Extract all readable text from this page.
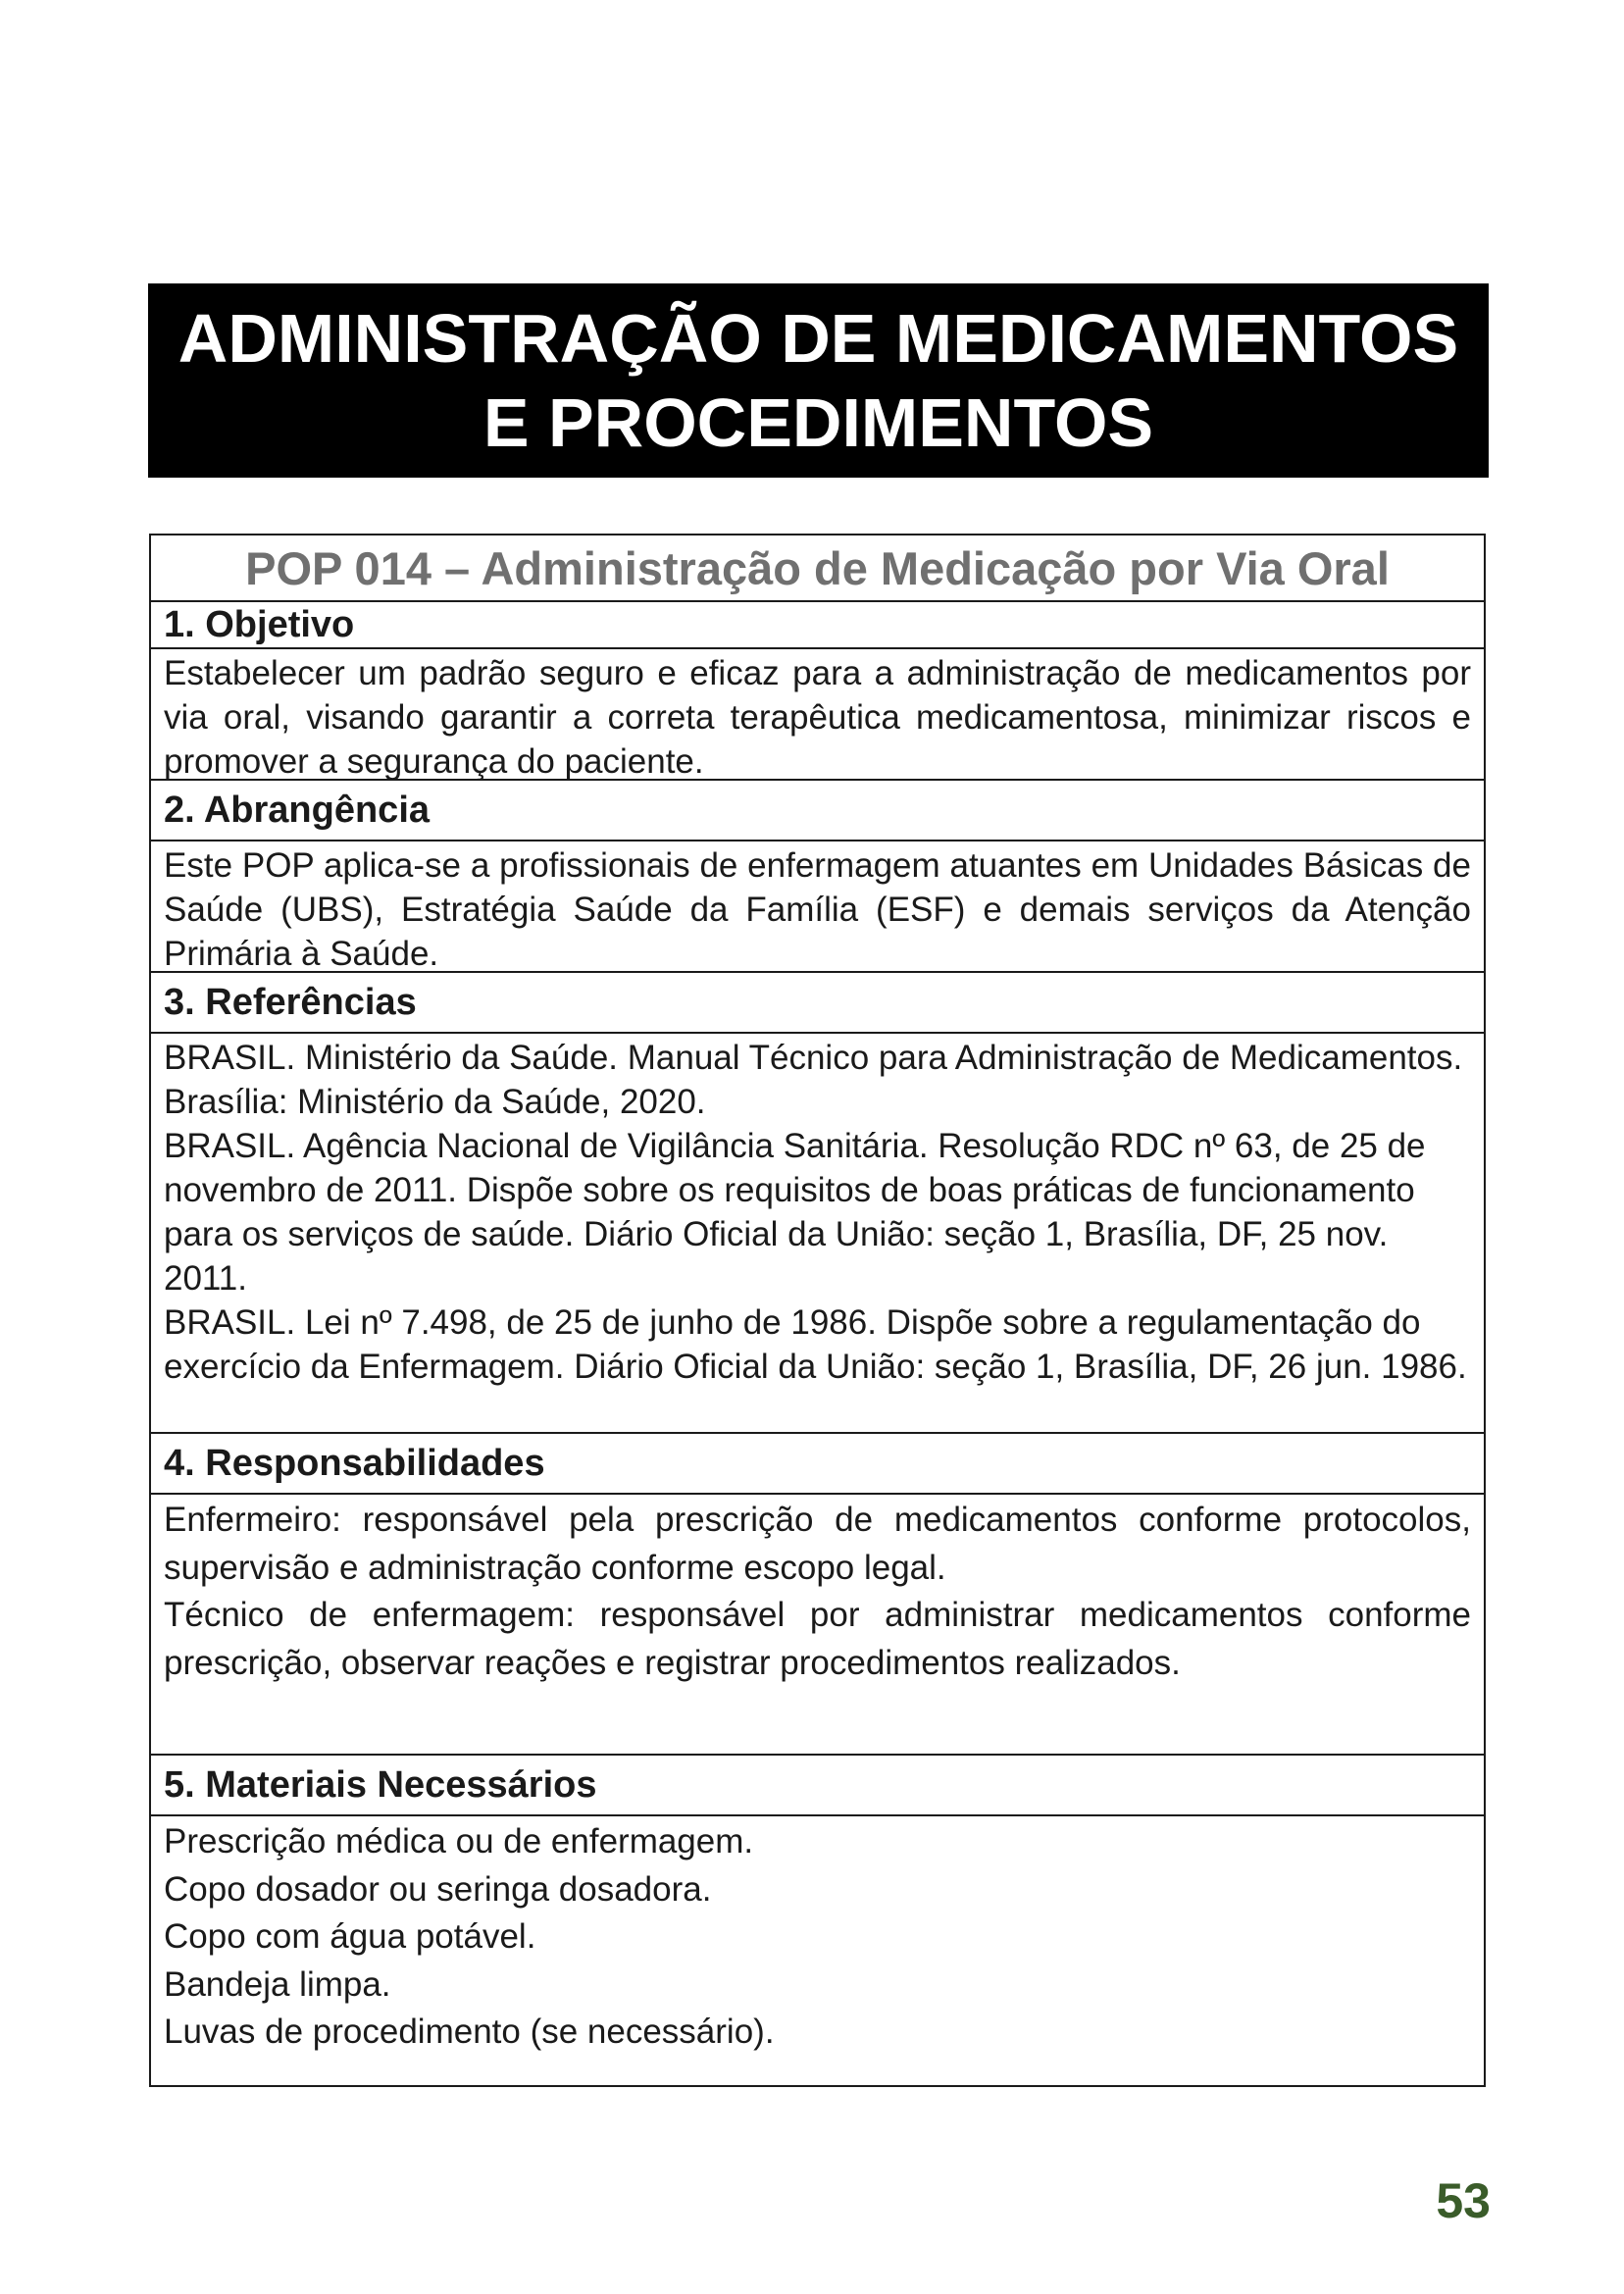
ADMINISTRAÇÃO DE MEDICAMENTOS
E PROCEDIMENTOS
POP 014 – Administração de Medicação por Via Oral
1. Objetivo

Estabelecer um padrão seguro e eficaz para a administração de medicamentos por via oral, visando garantir a correta terapêutica medicamentosa, minimizar riscos e promover a segurança do paciente.

2. Abrangência

Este POP aplica-se a profissionais de enfermagem atuantes em Unidades Básicas de Saúde (UBS), Estratégia Saúde da Família (ESF) e demais serviços da Atenção Primária à Saúde.

3. Referências

BRASIL. Ministério da Saúde. Manual Técnico para Administração de Medicamentos. Brasília: Ministério da Saúde, 2020.

BRASIL. Agência Nacional de Vigilância Sanitária. Resolução RDC nº 63, de 25 de novembro de 2011. Dispõe sobre os requisitos de boas práticas de funcionamento para os serviços de saúde. Diário Oficial da União: seção 1, Brasília, DF, 25 nov. 2011.

BRASIL. Lei nº 7.498, de 25 de junho de 1986. Dispõe sobre a regulamentação do exercício da Enfermagem. Diário Oficial da União: seção 1, Brasília, DF, 26 jun. 1986.

4. Responsabilidades

Enfermeiro: responsável pela prescrição de medicamentos conforme protocolos, supervisão e administração conforme escopo legal.

Técnico de enfermagem: responsável por administrar medicamentos conforme prescrição, observar reações e registrar procedimentos realizados.

5. Materiais Necessários

Prescrição médica ou de enfermagem.

Copo dosador ou seringa dosadora.

Copo com água potável.

Bandeja limpa.

Luvas de procedimento (se necessário).

53
